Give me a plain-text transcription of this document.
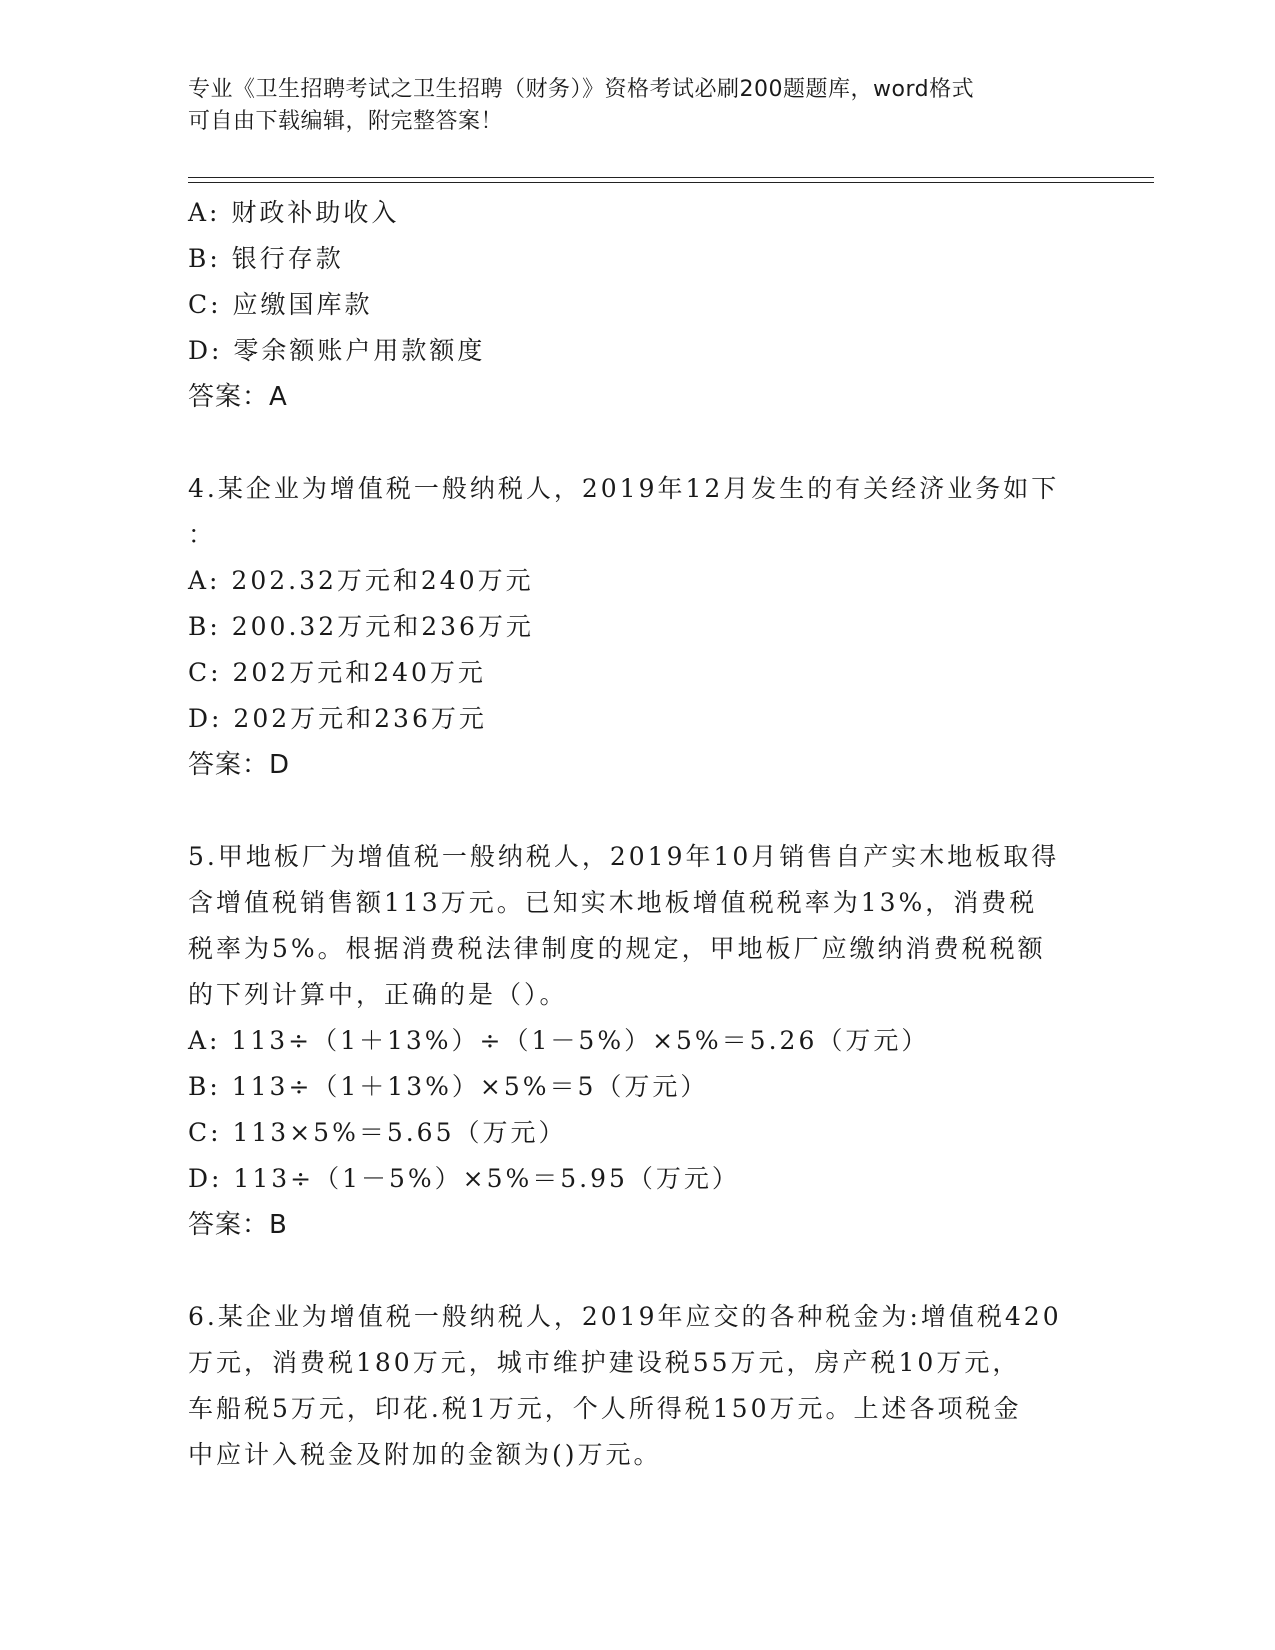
专业《卫生招聘考试之卫生招聘（财务）》资格考试必刷200题题库，word格式
可自由下载编辑，附完整答案！
A: 财政补助收入
B: 银行存款
C: 应缴国库款
D: 零余额账户用款额度
答案：A
4.某企业为增值税一般纳税人，2019年12月发生的有关经济业务如下
：
A: 202.32万元和240万元
B: 200.32万元和236万元
C: 202万元和240万元
D: 202万元和236万元
答案：D
5.甲地板厂为增值税一般纳税人，2019年10月销售自产实木地板取得
含增值税销售额113万元。已知实木地板增值税税率为13%，消费税
税率为5%。根据消费税法律制度的规定，甲地板厂应缴纳消费税税额
的下列计算中，正确的是（）。
A: 113÷（1＋13%）÷（1－5%）×5%＝5.26（万元）
B: 113÷（1＋13%）×5%＝5（万元）
C: 113×5%＝5.65（万元）
D: 113÷（1－5%）×5%＝5.95（万元）
答案：B
6.某企业为增值税一般纳税人，2019年应交的各种税金为:增值税420
万元，消费税180万元，城市维护建设税55万元，房产税10万元，
车船税5万元，印花.税1万元，个人所得税150万元。上述各项税金
中应计入税金及附加的金额为()万元。
